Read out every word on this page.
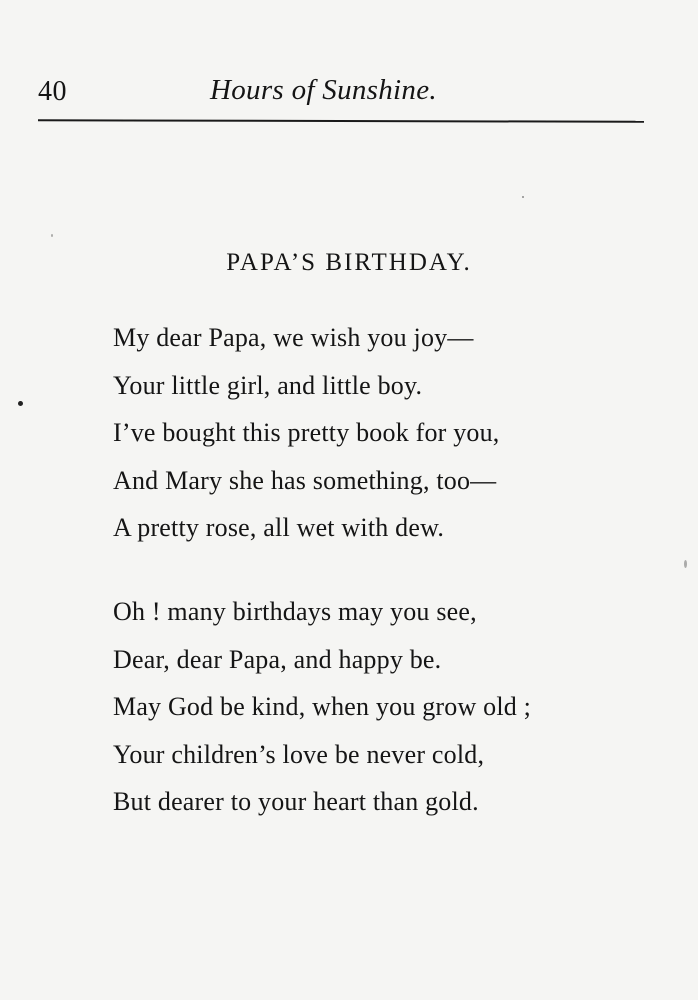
40	Hours of Sunshine.
PAPA’S BIRTHDAY.
My dear Papa, we wish you joy—
Your little girl, and little boy.
I’ve bought this pretty book for you,
And Mary she has something, too—
A pretty rose, all wet with dew.
Oh ! many birthdays may you see,
Dear, dear Papa, and happy be.
May God be kind, when you grow old ;
Your children’s love be never cold,
But dearer to your heart than gold.
